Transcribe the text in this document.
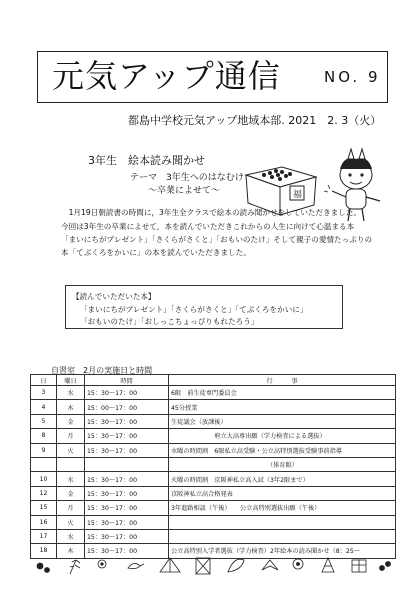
元気アップ通信	NO. 9
都島中学校元気アップ地域本部. 2021　2. 3（火）
3年生　絵本読み聞かせ
テーマ　3年生へのはなむけ
～卒業によせて～	福
　1月19日朝読書の時間に，3年生全クラスで絵本の読み聞かせをしていただきました。
今回は3年生の卒業によせて，本を読んでいただきこれからの人生に向けて心温まる本
「まいにちがプレゼント」「さくらがさくと」「おもいのたけ」そして親子の愛情たっぷりの
本「てぶくろをかいに」の本を読んでいただきました。
【読んでいただいた本】
「まいにちがプレゼント」「さくらがさくと」「てぶくろをかいに」
「おもいのたけ」「おしっこちょっぴりもれたろう」
自習室　2月の実施日と時間
日	曜日	時間	行　　　事
3	水	15：30〜17：00	6限　前生徒専門委員会
4	木	15：00〜17：00	45分授業
5	金	15：30〜17：00	生徒議会（放課後）
8	月	15：30〜17：00	　　　　　　　府立大高専出願（学力検査による選抜）
9	火	15：30〜17：00	水曜の時間割　6限私立高受験・公立高特別選抜受験事前指導
			　　　　　　　　　　　　　　　　（体育館）
10	水	15：30〜17：00	火曜の時間割　京阪神私立高入試（3年2限まで）
12	金	15：30〜17：00	京阪神私立高合格発表
15	月	15：30〜17：00	3年進路相談（午後）　　公立高特別選抜出願（午後）
16	火	15：30〜17：00	
17	水	15：30〜17：00	
18	木	15：30〜17：00	公立高特別入学者選抜（学力検査）2年絵本の読み聞かせ（8：25〜
